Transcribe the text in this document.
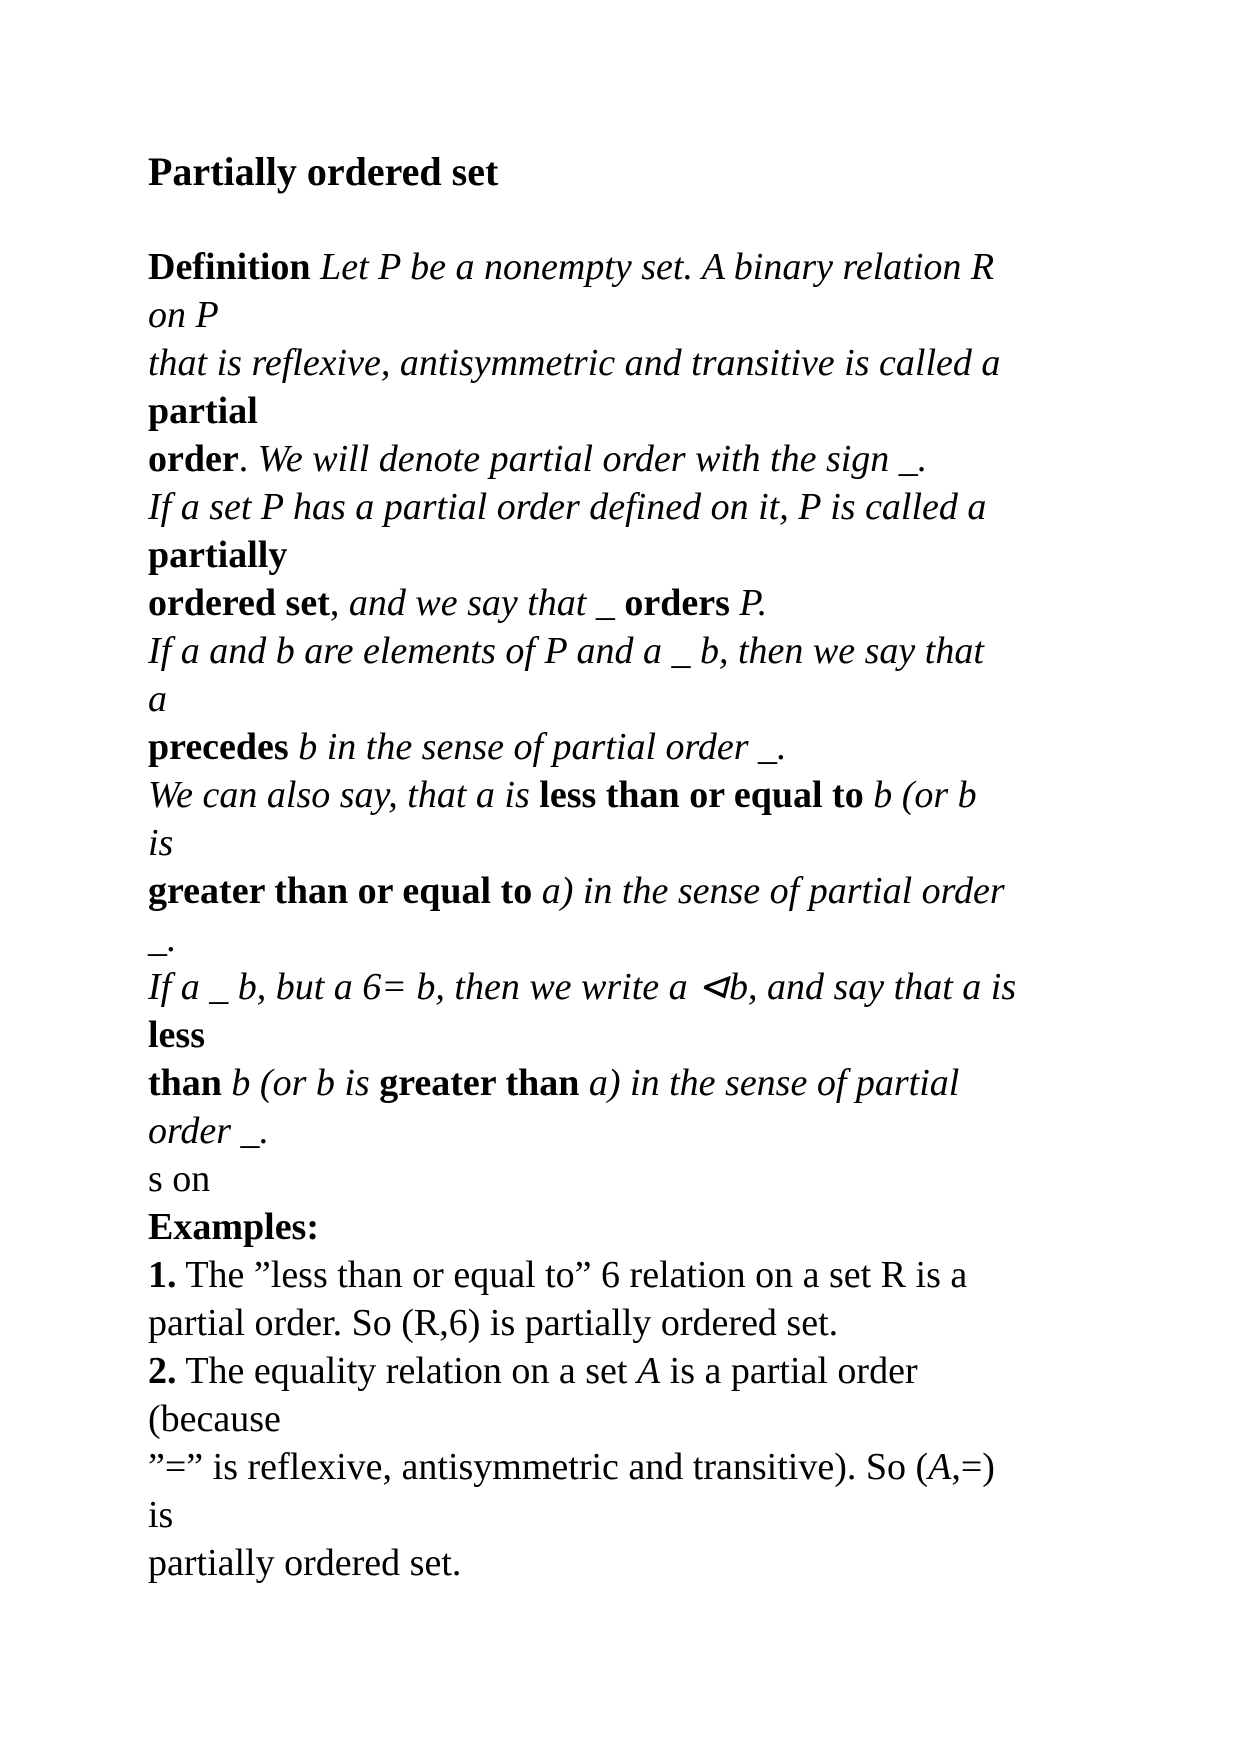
Partially ordered set
Definition Let P be a nonempty set. A binary relation R
on P
that is reflexive, antisymmetric and transitive is called a
partial
order. We will denote partial order with the sign _.
If a set P has a partial order defined on it, P is called a
partially
ordered set, and we say that _ orders P.
If a and b are elements of P and a _ b, then we say that
a
precedes b in the sense of partial order _.
We can also say, that a is less than or equal to b (or b
is
greater than or equal to a) in the sense of partial order
_.
If a _ b, but a 6= b, then we write a ⊲b, and say that a is
less
than b (or b is greater than a) in the sense of partial
order _.
s on
Examples:
1. The ”less than or equal to” 6 relation on a set R is a
partial order. So (R,6) is partially ordered set.
2. The equality relation on a set A is a partial order
(because
”=” is reflexive, antisymmetric and transitive). So (A,=)
is
partially ordered set.
